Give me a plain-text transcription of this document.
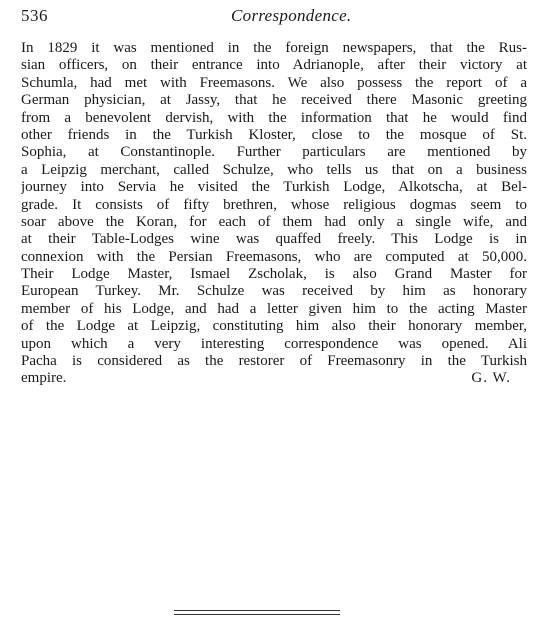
536	Correspondence.
In 1829 it was mentioned in the foreign newspapers, that the Rus-
sian officers, on their entrance into Adrianople, after their victory at
Schumla, had met with Freemasons. We also possess the report of a
German physician, at Jassy, that he received there Masonic greeting
from a benevolent dervish, with the information that he would find
other friends in the Turkish Kloster, close to the mosque of St.
Sophia, at Constantinople. Further particulars are mentioned by
a Leipzig merchant, called Schulze, who tells us that on a business
journey into Servia he visited the Turkish Lodge, Alkotscha, at Bel-
grade. It consists of fifty brethren, whose religious dogmas seem to
soar above the Koran, for each of them had only a single wife, and
at their Table-Lodges wine was quaffed freely. This Lodge is in
connexion with the Persian Freemasons, who are computed at 50,000.
Their Lodge Master, Ismael Zscholak, is also Grand Master for
European Turkey. Mr. Schulze was received by him as honorary
member of his Lodge, and had a letter given him to the acting Master
of the Lodge at Leipzig, constituting him also their honorary member,
upon which a very interesting correspondence was opened. Ali
Pacha is considered as the restorer of Freemasonry in the Turkish
empire.	G. W.
